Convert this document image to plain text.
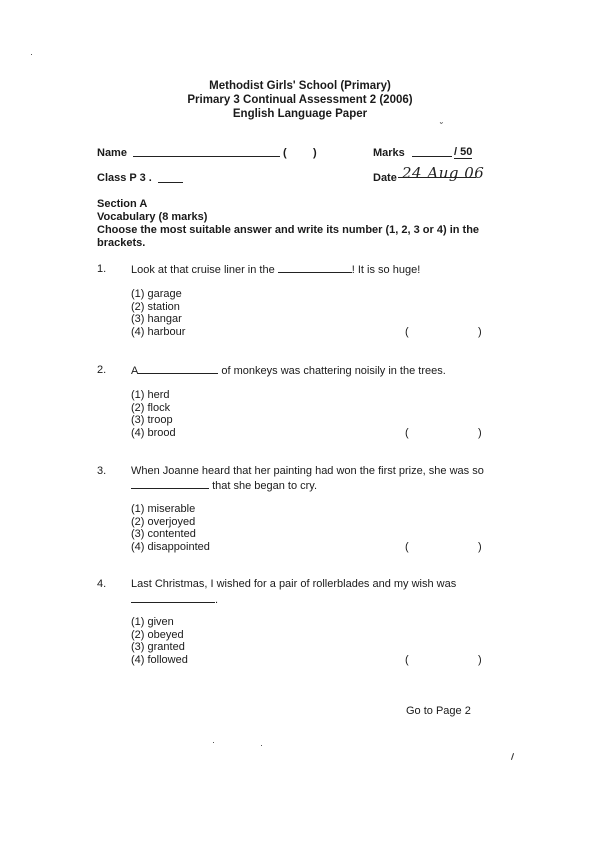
Methodist Girls' School (Primary)
Primary 3 Continual Assessment 2 (2006)
English Language Paper
˘
Name	( )	Marks	/ 50
Class P 3 .	Date 24 Aug 06
Section A
Vocabulary (8 marks)
Choose the most suitable answer and write its number (1, 2, 3 or 4) in the
brackets.
1. Look at that cruise liner in the	! It is so huge!
(1) garage
(2) station
(3) hangar
(4) harbour	(	)
2. A	of monkeys was chattering noisily in the trees.
(1) herd
(2) flock
(3) troop
(4) brood	(	)
3. When Joanne heard that her painting had won the first prize, she was so
that she began to cry.
(1) miserable
(2) overjoyed
(3) contented
(4) disappointed	(	)
4. Last Christmas, I wished for a pair of rollerblades and my wish was
.
(1) given
(2) obeyed
(3) granted
(4) followed	(	)
Go to Page 2
